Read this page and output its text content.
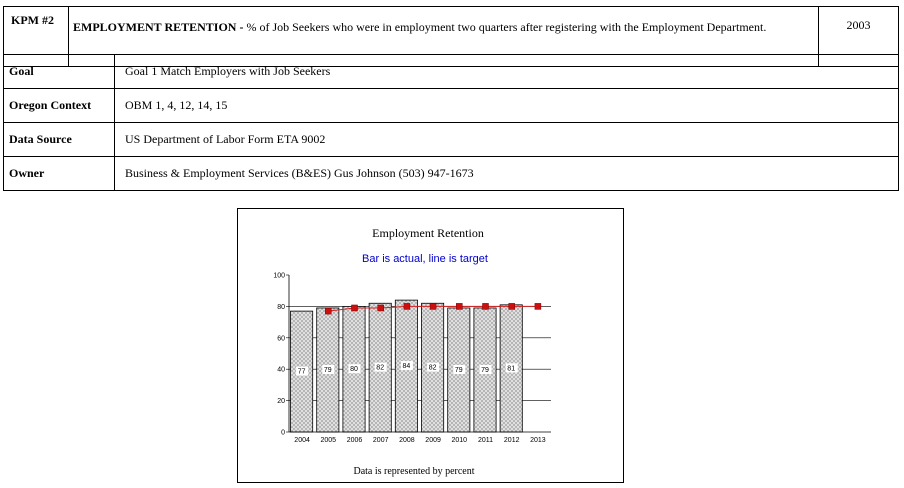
KPM #2	EMPLOYMENT RETENTION - % of Job Seekers who were in employment two quarters after registering with the Employment Department.	2003
Goal	Goal 1 Match Employers with Job Seekers
Oregon Context	OBM 1, 4, 12, 14, 15
Data Source	US Department of Labor Form ETA 9002
Owner	Business & Employment Services (B&ES) Gus Johnson (503) 947-1673
Employment Retention
Bar is actual, line is target
0
20
40
60
80
100
77	79	80	82	84	82	79	79	81
2004 2005 2006 2007 2008 2009 2010 2011 2012 2013
Data is represented by percent
